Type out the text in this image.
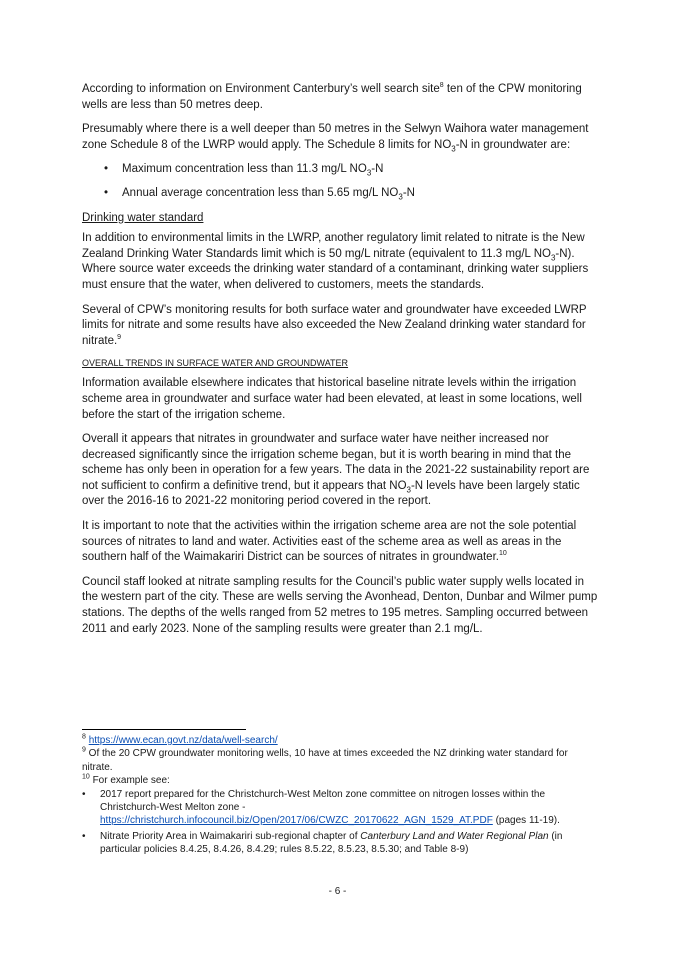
According to information on Environment Canterbury’s well search site$^8$ ten of the CPW monitoring wells are less than 50 metres deep.

Presumably where there is a well deeper than 50 metres in the Selwyn Waihora water management zone Schedule 8 of the LWRP would apply. The Schedule 8 limits for $NO_3-N$ in groundwater are:

• Maximum concentration less than 11.3 mg/L $NO_3-N$
• Annual average concentration less than 5.65 mg/L $NO_3-N$

Drinking water standard

In addition to environmental limits in the LWRP, another regulatory limit related to nitrate is the New Zealand Drinking Water Standards limit which is 50 mg/L nitrate (equivalent to 11.3 mg/L $NO_3-N$). Where source water exceeds the drinking water standard of a contaminant, drinking water suppliers must ensure that the water, when delivered to customers, meets the standards.

Several of CPW’s monitoring results for both surface water and groundwater have exceeded LWRP limits for nitrate and some results have also exceeded the New Zealand drinking water standard for nitrate.$^9$

OVERALL TRENDS IN SURFACE WATER AND GROUNDWATER

Information available elsewhere indicates that historical baseline nitrate levels within the irrigation scheme area in groundwater and surface water had been elevated, at least in some locations, well before the start of the irrigation scheme.

Overall it appears that nitrates in groundwater and surface water have neither increased nor decreased significantly since the irrigation scheme began, but it is worth bearing in mind that the scheme has only been in operation for a few years. The data in the 2021-22 sustainability report are not sufficient to confirm a definitive trend, but it appears that $NO_3-N$ levels have been largely static over the 2016-16 to 2021-22 monitoring period covered in the report.

It is important to note that the activities within the irrigation scheme area are not the sole potential sources of nitrates to land and water. Activities east of the scheme area as well as areas in the southern half of the Waimakariri District can be sources of nitrates in groundwater.$^{10}$

Council staff looked at nitrate sampling results for the Council’s public water supply wells located in the western part of the city. These are wells serving the Avonhead, Denton, Dunbar and Wilmer pump stations. The depths of the wells ranged from 52 metres to 195 metres. Sampling occurred between 2011 and early 2023. None of the sampling results were greater than 2.1 mg/L.

$^8$ https://www.ecan.govt.nz/data/well-search/
$^9$ Of the 20 CPW groundwater monitoring wells, 10 have at times exceeded the NZ drinking water standard for nitrate.
$^{10}$ For example see:
• 2017 report prepared for the Christchurch-West Melton zone committee on nitrogen losses within the Christchurch-West Melton zone -
https://christchurch.infocouncil.biz/Open/2017/06/CWZC_20170622_AGN_1529_AT.PDF (pages 11-19).
• Nitrate Priority Area in Waimakariri sub-regional chapter of Canterbury Land and Water Regional Plan (in particular policies 8.4.25, 8.4.26, 8.4.29; rules 8.5.22, 8.5.23, 8.5.30; and Table 8-9)
- 6 -
